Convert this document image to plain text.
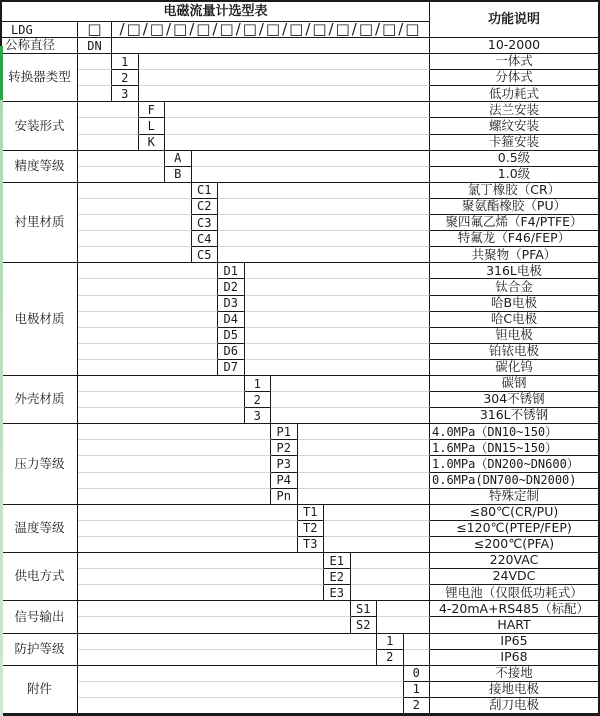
电磁流量计选型表
功能说明
LDG	□	/□/□/□/□/□/□/□/□/□/□/□/□/□
公称直径	DN	10-2000
转换器类型
1	一体式
2	分体式
3	低功耗式
安装形式
F	法兰安装
L	螺纹安装
K	卡箍安装
精度等级	A	0.5级
B	1.0级
衬里材质
C1	氯丁橡胶（CR）
C2	聚氨酯橡胶（PU）
C3	聚四氟乙烯（F4/PTFE）
C4	特氟龙（F46/FEP）
C5	共聚物（PFA）
电极材质
D1	316L电极
D2	钛合金
D3	哈B电极
D4	哈C电极
D5	钽电极
D6	铂铱电极
D7	碳化钨
外壳材质
1	碳钢
2	304不锈钢
3	316L不锈钢
压力等级
P1	4.0MPa（DN10~150）
P2	1.6MPa（DN15~150）
P3	1.0MPa（DN200~DN600）
P4	0.6MPa(DN700~DN2000)
Pn	特殊定制
温度等级
T1	≤80℃(CR/PU)
T2	≤120℃(PTEP/FEP)
T3	≤200℃(PFA)
供电方式
E1	220VAC
E2	24VDC
E3	锂电池（仅限低功耗式）
信号输出	S1	4-20mA+RS485（标配）
S2	HART
防护等级	1	IP65
2	IP68
附件
0	不接地
1	接地电极
2	刮刀电极
